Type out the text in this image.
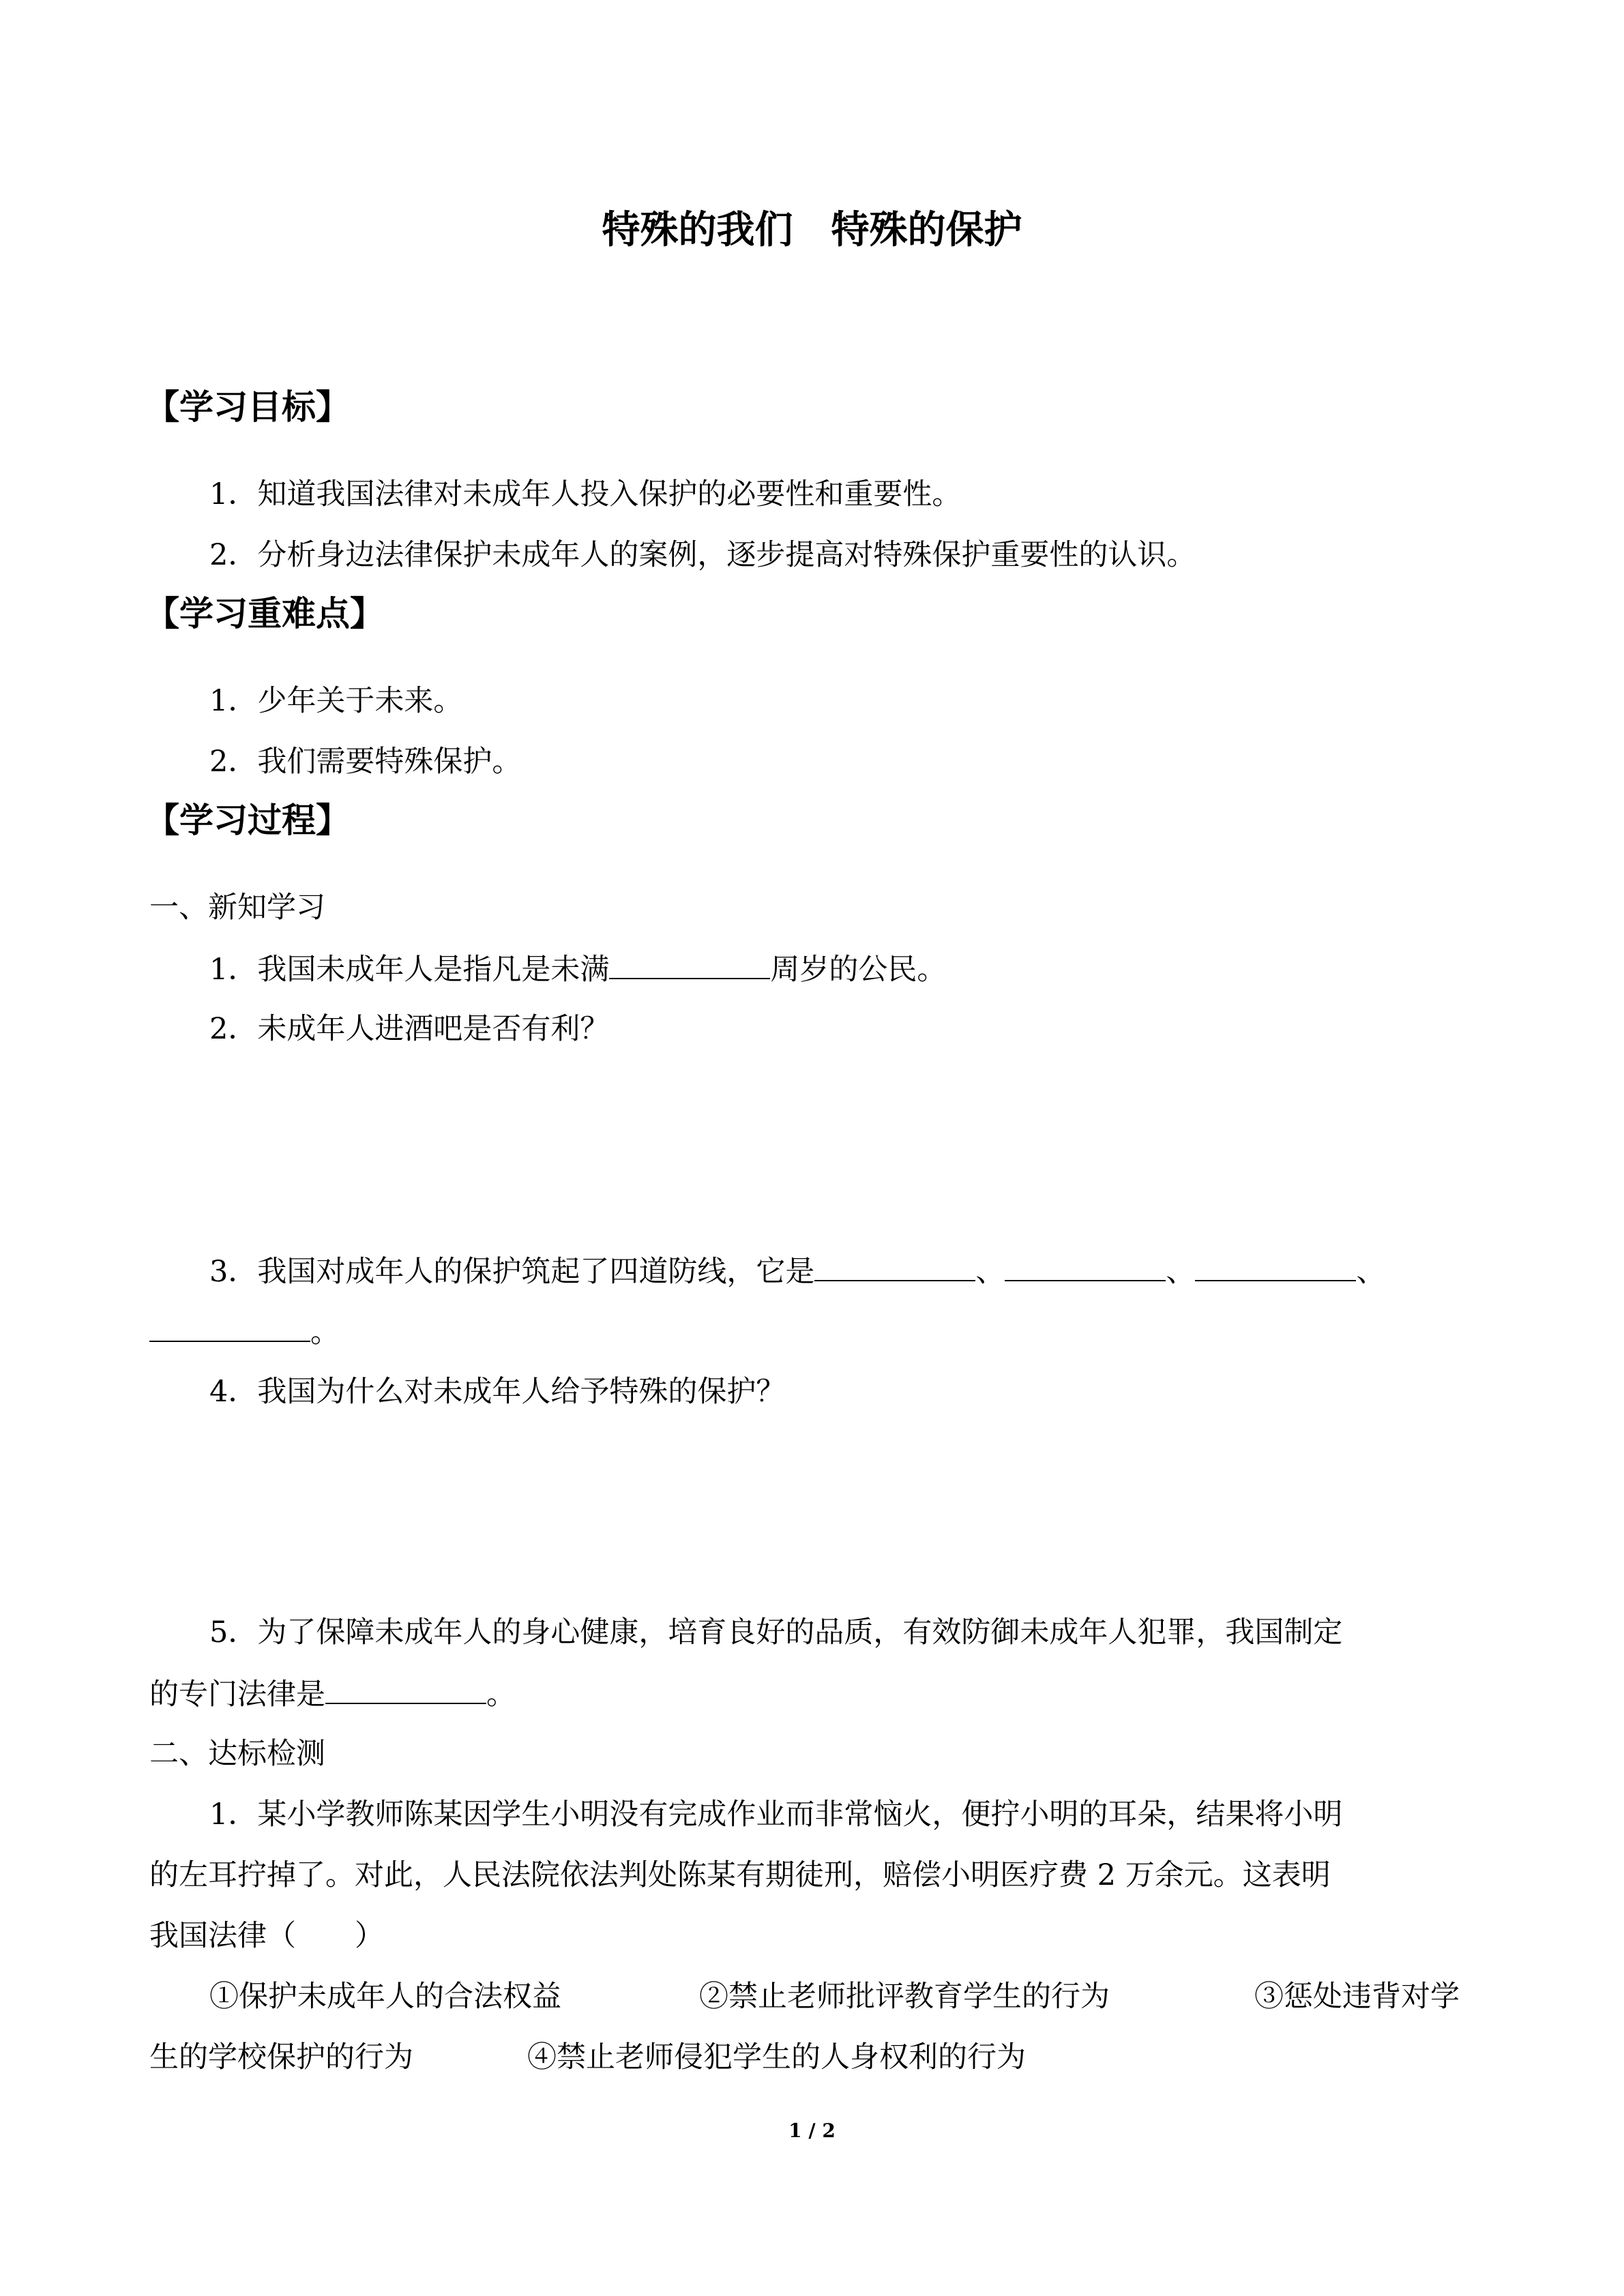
特殊的我们　特殊的保护
【学习目标】
1．知道我国法律对未成年人投入保护的必要性和重要性。
2．分析身边法律保护未成年人的案例，逐步提高对特殊保护重要性的认识。
【学习重难点】
1．少年关于未来。
2．我们需要特殊保护。
【学习过程】
一、新知学习
1．我国未成年人是指凡是未满	周岁的公民。
2．未成年人进酒吧是否有利？
3．我国对成年人的保护筑起了四道防线，它是	、	、	、
。
4．我国为什么对未成年人给予特殊的保护？
5．为了保障未成年人的身心健康，培育良好的品质，有效防御未成年人犯罪，我国制定
的专门法律是	。
二、达标检测
1．某小学教师陈某因学生小明没有完成作业而非常恼火，便拧小明的耳朵，结果将小明
的左耳拧掉了。对此，人民法院依法判处陈某有期徒刑，赔偿小明医疗费 2 万余元。这表明
我国法律（　　）
①保护未成年人的合法权益	②禁止老师批评教育学生的行为	③惩处违背对学
生的学校保护的行为	④禁止老师侵犯学生的人身权利的行为
1 / 2
